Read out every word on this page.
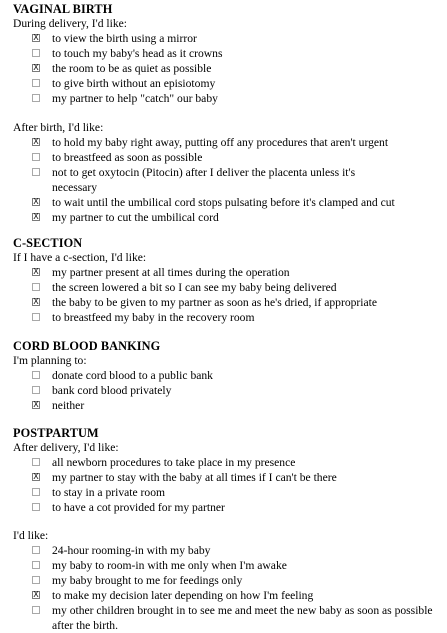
VAGINAL BIRTH

During delivery, I'd like:

X to view the birth using a mirror
to touch my baby's head as it crowns
X the room to be as quiet as possible
to give birth without an episiotomy
my partner to help "catch" our baby

After birth, I'd like:

X to hold my baby right away, putting off any procedures that aren't urgent
to breastfeed as soon as possible
not to get oxytocin (Pitocin) after I deliver the placenta unless it's necessary
X to wait until the umbilical cord stops pulsating before it's clamped and cut
X my partner to cut the umbilical cord
C-SECTION

If I have a c-section, I'd like:

X my partner present at all times during the operation
the screen lowered a bit so I can see my baby being delivered
X the baby to be given to my partner as soon as he's dried, if appropriate
to breastfeed my baby in the recovery room
CORD BLOOD BANKING

I'm planning to:

donate cord blood to a public bank
bank cord blood privately
X neither
POSTPARTUM

After delivery, I'd like:

all newborn procedures to take place in my presence
X my partner to stay with the baby at all times if I can't be there
to stay in a private room
to have a cot provided for my partner

I'd like:

24-hour rooming-in with my baby
my baby to room-in with me only when I'm awake
my baby brought to me for feedings only
X to make my decision later depending on how I'm feeling
my other children brought in to see me and meet the new baby as soon as possible after the birth.
